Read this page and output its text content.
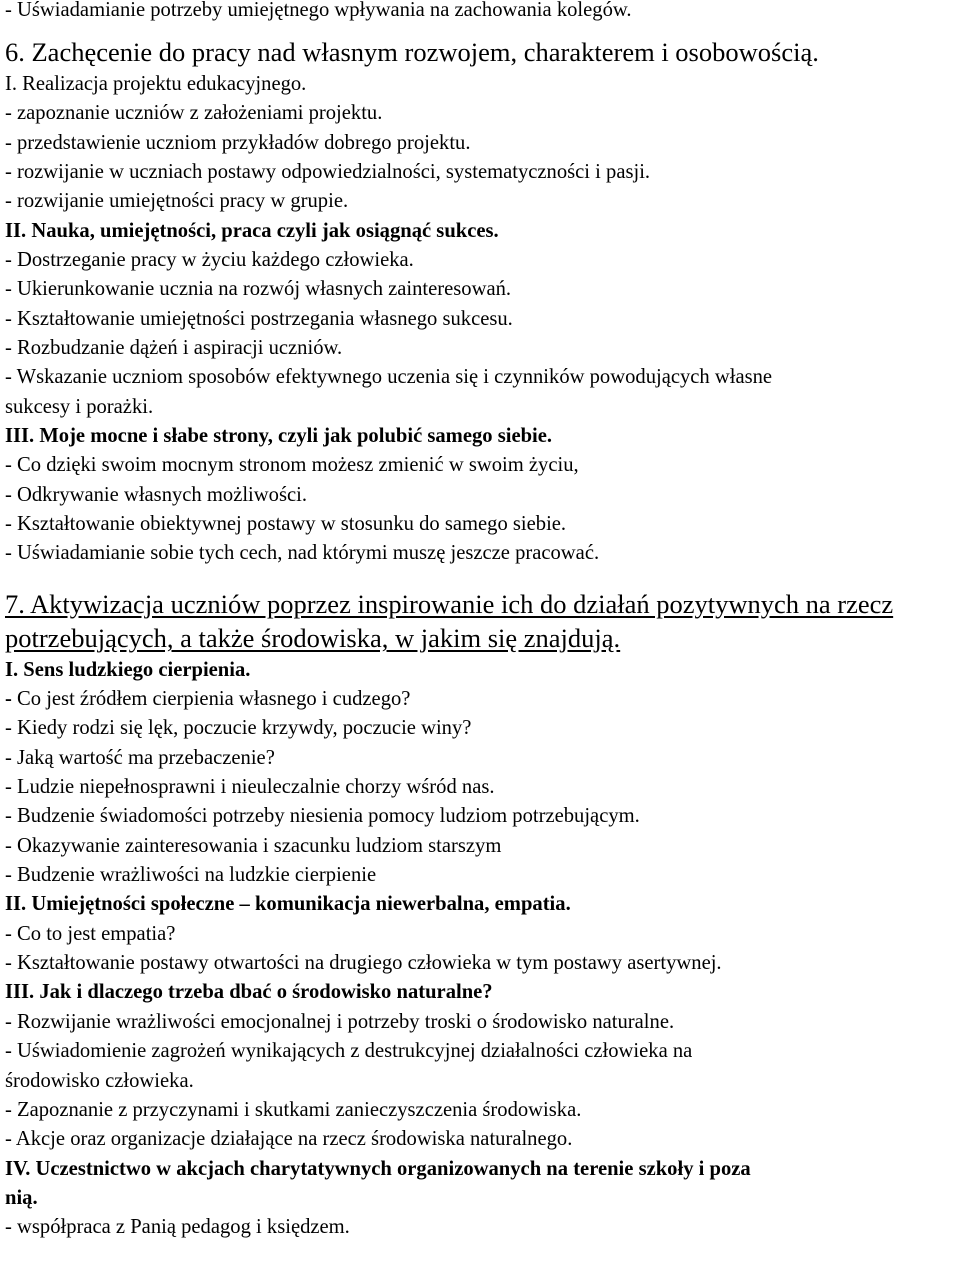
- Uświadamianie potrzeby umiejętnego wpływania na zachowania kolegów.
6. Zachęcenie do pracy nad własnym rozwojem, charakterem i osobowością.
I. Realizacja projektu edukacyjnego.
- zapoznanie uczniów z założeniami projektu.
- przedstawienie uczniom przykładów dobrego projektu.
- rozwijanie w uczniach postawy odpowiedzialności, systematyczności i pasji.
- rozwijanie umiejętności pracy w grupie.
II. Nauka, umiejętności, praca czyli jak osiągnąć sukces.
- Dostrzeganie pracy w życiu każdego człowieka.
- Ukierunkowanie ucznia na rozwój własnych zainteresowań.
- Kształtowanie umiejętności postrzegania własnego sukcesu.
- Rozbudzanie dążeń i aspiracji uczniów.
- Wskazanie uczniom sposobów efektywnego uczenia się i czynników powodujących własne
sukcesy i porażki.
III. Moje mocne i słabe strony, czyli jak polubić samego siebie.
- Co dzięki swoim mocnym stronom możesz zmienić w swoim życiu,
- Odkrywanie własnych możliwości.
- Kształtowanie obiektywnej postawy w stosunku do samego siebie.
- Uświadamianie sobie tych cech, nad którymi muszę jeszcze pracować.
7. Aktywizacja uczniów poprzez inspirowanie ich do działań pozytywnych na rzecz potrzebujących, a także środowiska, w jakim się znajdują.
I. Sens ludzkiego cierpienia.
- Co jest źródłem cierpienia własnego i cudzego?
- Kiedy rodzi się lęk, poczucie krzywdy, poczucie winy?
- Jaką wartość ma przebaczenie?
- Ludzie niepełnosprawni i nieuleczalnie chorzy wśród nas.
- Budzenie świadomości potrzeby niesienia pomocy ludziom potrzebującym.
- Okazywanie zainteresowania i szacunku ludziom starszym
- Budzenie wrażliwości na ludzkie cierpienie
II. Umiejętności społeczne – komunikacja niewerbalna, empatia.
- Co to jest empatia?
- Kształtowanie postawy otwartości na drugiego człowieka w tym postawy asertywnej.
III. Jak i dlaczego trzeba dbać o środowisko naturalne?
- Rozwijanie wrażliwości emocjonalnej i potrzeby troski o środowisko naturalne.
- Uświadomienie zagrożeń wynikających z destrukcyjnej działalności człowieka na
środowisko człowieka.
- Zapoznanie z przyczynami i skutkami zanieczyszczenia środowiska.
- Akcje oraz organizacje działające na rzecz środowiska naturalnego.
IV. Uczestnictwo w akcjach charytatywnych organizowanych na terenie szkoły i poza
nią.
- współpraca z Panią pedagog i księdzem.
